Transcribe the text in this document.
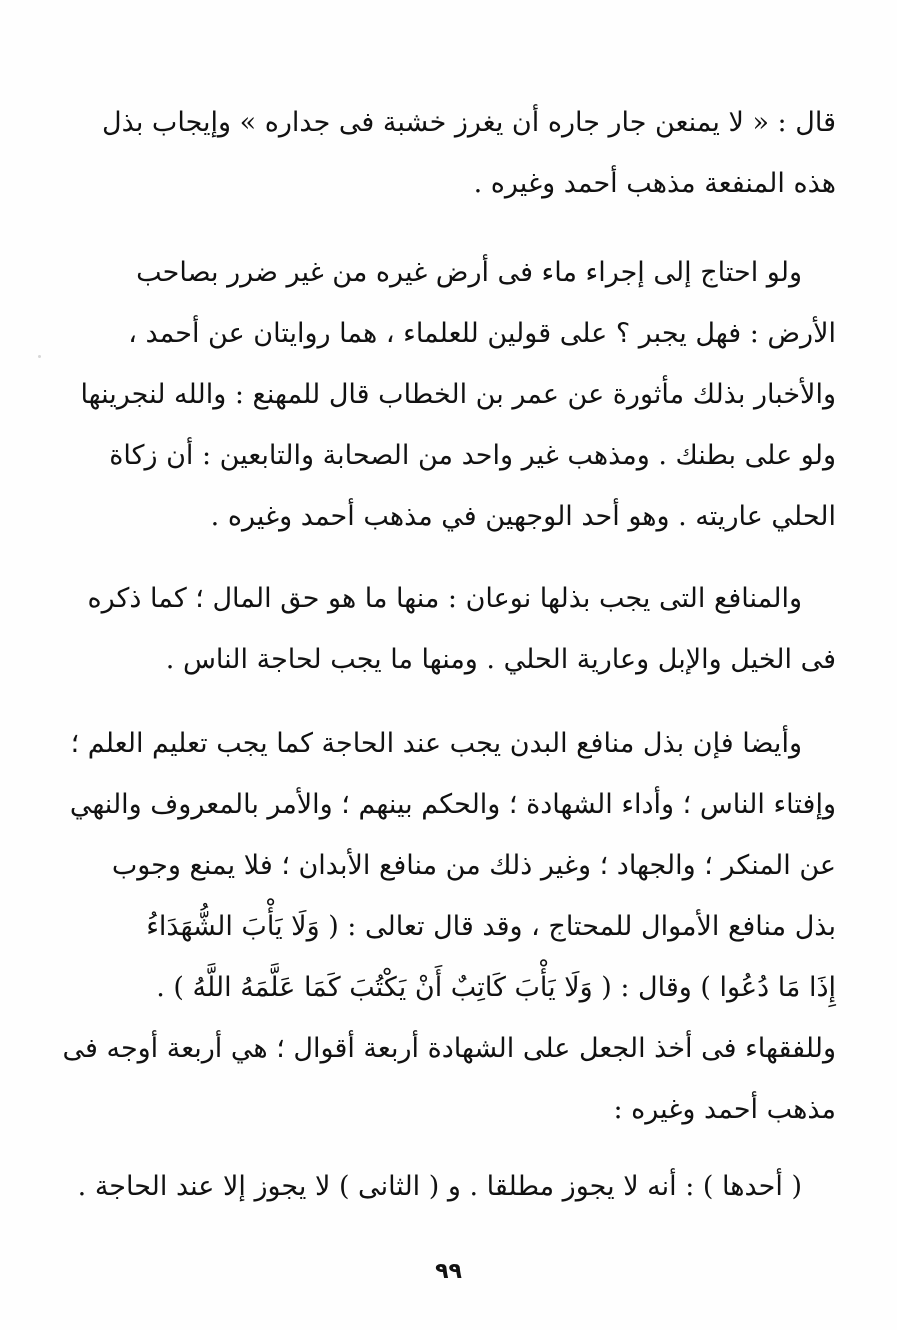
قال : « لا يمنعن جار جاره أن يغرز خشبة فى جداره » وإيجاب بذل
هذه المنفعة مذهب أحمد وغيره .

ولو احتاج إلى إجراء ماء فى أرض غيره من غير ضرر بصاحب
الأرض : فهل يجبر ؟ على قولين للعلماء ، هما روايتان عن أحمد ،
والأخبار بذلك مأثورة عن عمر بن الخطاب قال للمهنع : والله لنجرينها
ولو على بطنك . ومذهب غير واحد من الصحابة والتابعين : أن زكاة
الحلي عاريته . وهو أحد الوجهين في مذهب أحمد وغيره .

والمنافع التى يجب بذلها نوعان : منها ما هو حق المال ؛ كما ذكره
فى الخيل والإبل وعارية الحلي . ومنها ما يجب لحاجة الناس .

وأيضا فإن بذل منافع البدن يجب عند الحاجة كما يجب تعليم العلم ؛
وإفتاء الناس ؛ وأداء الشهادة ؛ والحكم بينهم ؛ والأمر بالمعروف والنهي
عن المنكر ؛ والجهاد ؛ وغير ذلك من منافع الأبدان ؛ فلا يمنع وجوب
بذل منافع الأموال للمحتاج ، وقد قال تعالى : ( وَلَا يَأْبَ الشُّهَدَاءُ
إِذَا مَا دُعُوا ) وقال : ( وَلَا يَأْبَ كَاتِبٌ أَنْ يَكْتُبَ كَمَا عَلَّمَهُ اللَّهُ ) .
وللفقهاء فى أخذ الجعل على الشهادة أربعة أقوال ؛ هي أربعة أوجه فى
مذهب أحمد وغيره :

( أحدها ) : أنه لا يجوز مطلقا . و ( الثانى ) لا يجوز إلا عند الحاجة .

٩٩
